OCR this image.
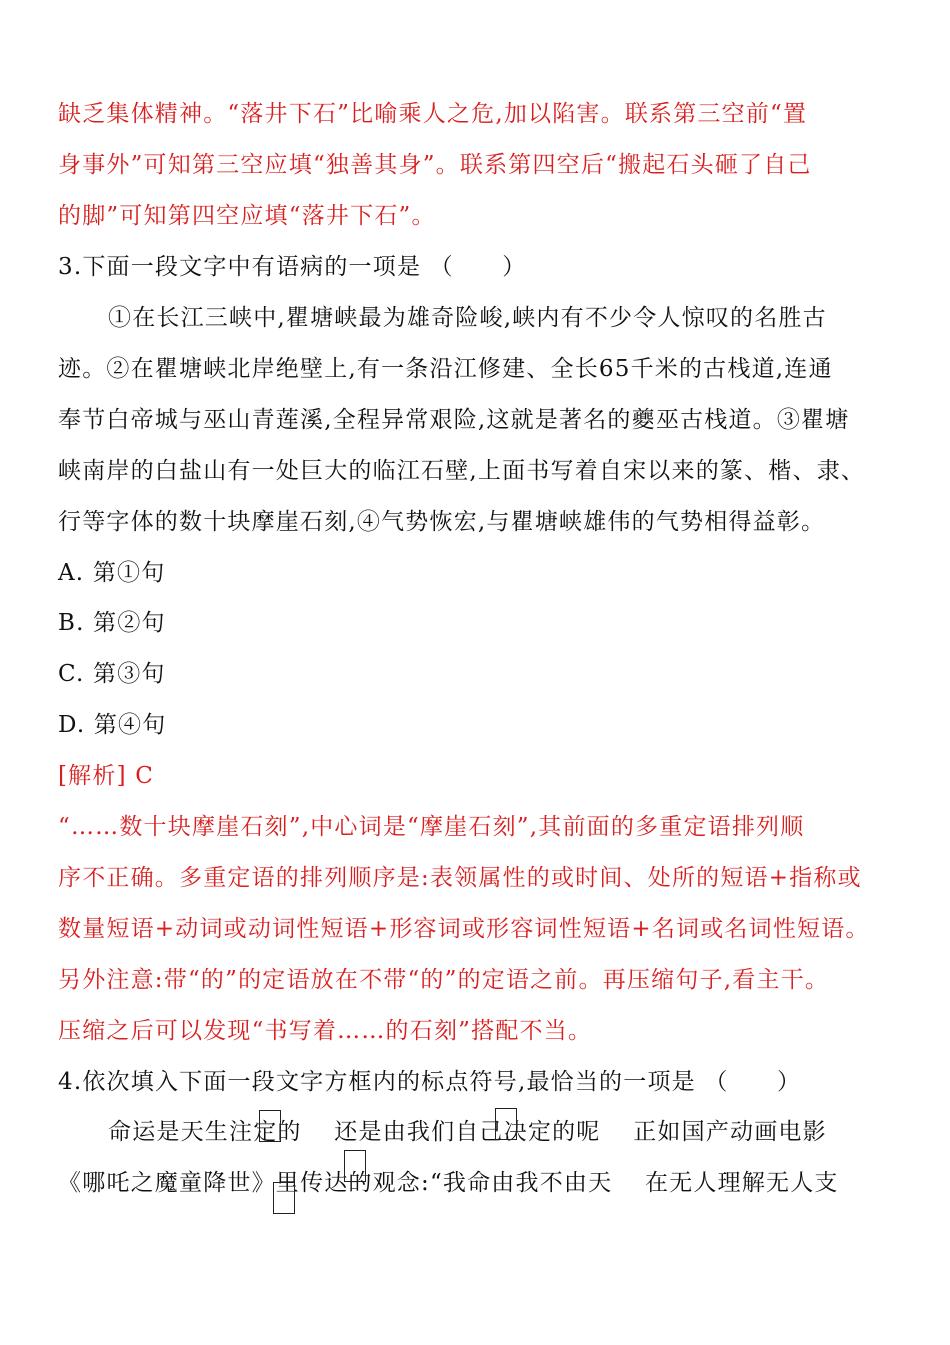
缺乏集体精神。“落井下石”比喻乘人之危,加以陷害。联系第三空前“置
身事外”可知第三空应填“独善其身”。联系第四空后“搬起石头砸了自己
的脚”可知第四空应填“落井下石”。
3.下面一段文字中有语病的一项是 （　　）
①在长江三峡中,瞿塘峡最为雄奇险峻,峡内有不少令人惊叹的名胜古
迹。②在瞿塘峡北岸绝壁上,有一条沿江修建、全长65千米的古栈道,连通
奉节白帝城与巫山青莲溪,全程异常艰险,这就是著名的夔巫古栈道。③瞿塘
峡南岸的白盐山有一处巨大的临江石壁,上面书写着自宋以来的篆、楷、隶、
行等字体的数十块摩崖石刻,④气势恢宏,与瞿塘峡雄伟的气势相得益彰。
A. 第①句
B. 第②句
C. 第③句
D. 第④句
[解析] C
“……数十块摩崖石刻”,中心词是“摩崖石刻”,其前面的多重定语排列顺
序不正确。多重定语的排列顺序是:表领属性的或时间、处所的短语+指称或
数量短语+动词或动词性短语+形容词或形容词性短语+名词或名词性短语。
另外注意:带“的”的定语放在不带“的”的定语之前。再压缩句子,看主干。
压缩之后可以发现“书写着……的石刻”搭配不当。
4.依次填入下面一段文字方框内的标点符号,最恰当的一项是 （　　）
命运是天生注定的　 还是由我们自己决定的呢　 正如国产动画电影
《哪吒之魔童降世》里传达的观念:“我命由我不由天　 在无人理解无人支
